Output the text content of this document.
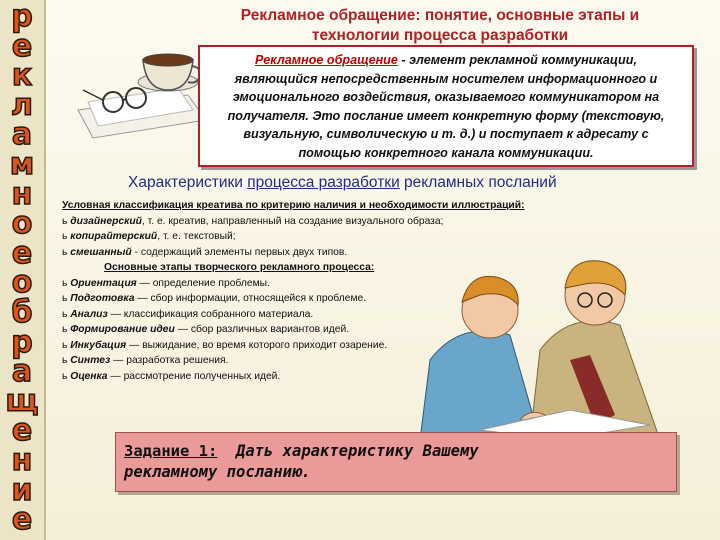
р
е
к
л
а
м
н
о
е
о
б
р
а
щ
е
н
и
е
Рекламное обращение: понятие, основные этапы и
технологии процесса разработки
Рекламное обращение - элемент рекламной коммуникации,
являющийся непосредственным носителем информационного и
эмоционального воздействия, оказываемого коммуникатором на
получателя. Это послание имеет конкретную форму (текстовую,
визуальную, символическую и т. д.) и поступает к адресату с
помощью конкретного канала коммуникации.
Характеристики процесса разработки рекламных посланий
Условная классификация креатива по критерию наличия и необходимости иллюстраций:
ь дизайнерский, т. е. креатив, направленный на создание визуального образа;
ь копирайтерский, т. е. текстовый;
ь смешанный - содержащий элементы первых двух типов.
Основные этапы творческого рекламного процесса:
ь Ориентация — определение проблемы.
ь Подготовка — сбор информации, относящейся к проблеме.
ь Анализ — классификация собранного материала.
ь Формирование идеи — сбор различных вариантов идей.
ь Инкубация — выжидание, во время которого приходит озарение.
ь Синтез — разработка решения.
ь Оценка — рассмотрение полученных идей.
Задание 1: Дать характеристику Вашему
рекламному посланию.
